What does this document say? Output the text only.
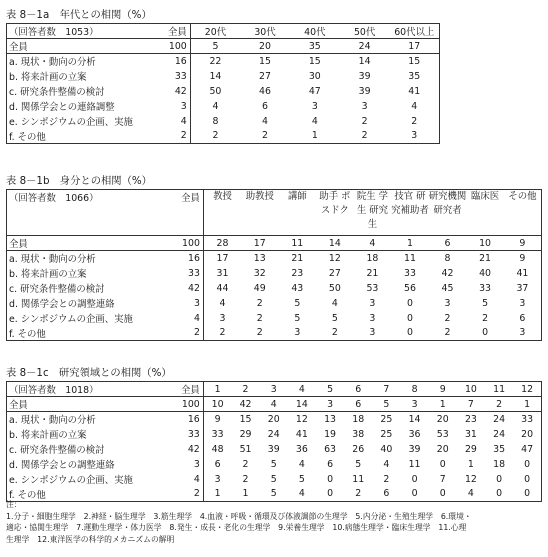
表 8－1a　年代との相関（%）
（回答者数　1053）	全員	20代	30代	40代	50代	60代以上
全員	100	5	20	35	24	17
a. 現状・動向の分析	16	22	15	15	14	15
b. 将来計画の立案	33	14	27	30	39	35
c. 研究条件整備の検討	42	50	46	47	39	41
d. 関係学会との連絡調整	3	4	6	3	3	4
e. シンポジウムの企画、実施	4	8	4	4	2	2
f. その他	2	2	2	1	2	3
表 8－1b　身分との相関（%）
（回答者数　1066）	全員	教授	助教授	講師	助手 ポスドク	院生 学生 研究生	技官 研究補助者	研究機関研究者	臨床医	その他
全員	100	28	17	11	14	4	1	6	10	9
a. 現状・動向の分析	16	17	13	21	12	18	11	8	21	9
b. 将来計画の立案	33	31	32	23	27	21	33	42	40	41
c. 研究条件整備の検討	42	44	49	43	50	53	56	45	33	37
d. 関係学会との調整連絡	3	4	2	5	4	3	0	3	5	3
e. シンポジウムの企画、実施	4	3	2	5	5	3	0	2	2	6
f. その他	2	2	2	3	2	3	0	2	0	3
表 8－1c　研究領域との相関（%）
（回答者数　1018）	全員	1	2	3	4	5	6	7	8	9	10	11	12
全員	100	10	42	4	14	3	6	5	3	1	7	2	1
a. 現状・動向の分析	16	9	15	20	12	13	18	25	14	20	23	24	33
b. 将来計画の立案	33	33	29	24	41	19	38	25	36	53	31	24	20
c. 研究条件整備の検討	42	48	51	39	36	63	26	40	39	20	29	35	47
d. 関係学会との調整連絡	3	6	2	5	4	6	5	4	11	0	1	18	0
e. シンポジウムの企画、実施	4	3	2	5	5	0	11	2	0	7	12	0	0
f. その他	2	1	1	5	4	0	2	6	0	0	4	0	0
注：
1.分子・細胞生理学　2.神経・脳生理学　3.筋生理学　4.血液・呼吸・循環及び体液調節の生理学　5.内分泌・生殖生理学　6.環境・
適応・協関生理学　7.運動生理学・体力医学　8.発生・成長・老化の生理学　9.栄養生理学　10.病態生理学・臨床生理学　11.心理
生理学　12.東洋医学の科学的メカニズムの解明
